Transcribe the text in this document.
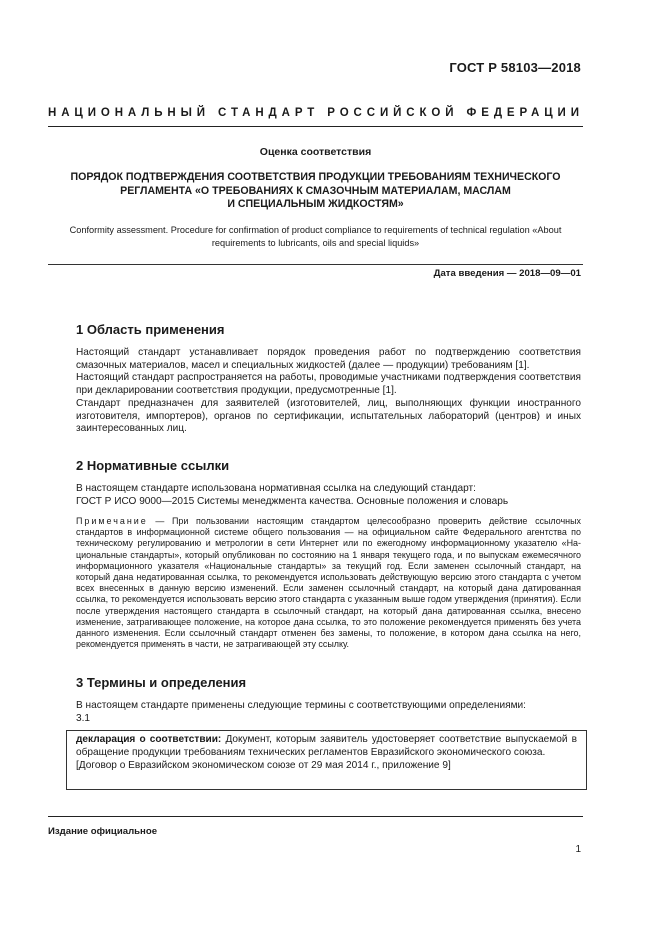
ГОСТ Р 58103—2018
НАЦИОНАЛЬНЫЙ СТАНДАРТ РОССИЙСКОЙ ФЕДЕРАЦИИ
Оценка соответствия
ПОРЯДОК ПОДТВЕРЖДЕНИЯ СООТВЕТСТВИЯ ПРОДУКЦИИ ТРЕБОВАНИЯМ ТЕХНИЧЕСКОГО
РЕГЛАМЕНТА «О ТРЕБОВАНИЯХ К СМАЗОЧНЫМ МАТЕРИАЛАМ, МАСЛАМ
И СПЕЦИАЛЬНЫМ ЖИДКОСТЯМ»
Conformity assessment. Procedure for confirmation of product compliance to requirements of technical regulation «About
requirements to lubricants, oils and special liquids»
Дата введения — 2018—09—01
1 Область применения

Настоящий стандарт устанавливает порядок проведения работ по подтверждению соответствия смазочных материалов, масел и специальных жидкостей (далее — продукции) требованиям [1].

Настоящий стандарт распространяется на работы, проводимые участниками подтверждения соответствия при декларировании соответствия продукции, предусмотренные [1].

Стандарт предназначен для заявителей (изготовителей, лиц, выполняющих функции иностранного изготовителя, импортеров), органов по сертификации, испытательных лабораторий (центров) и иных заинтересованных лиц.

2 Нормативные ссылки

В настоящем стандарте использована нормативная ссылка на следующий стандарт:

ГОСТ Р ИСО 9000—2015 Системы менеджмента качества. Основные положения и словарь

Примечание — При пользовании настоящим стандартом целесообразно проверить действие ссылочных стандартов в информационной системе общего пользования — на официальном сайте Федерального агентства по техническому регулированию и метрологии в сети Интернет или по ежегодному информационному указателю «Национальные стандарты», который опубликован по состоянию на 1 января текущего года, и по выпускам ежемесячного информационного указателя «Национальные стандарты» за текущий год. Если заменен ссылочный стандарт, на который дана недатированная ссылка, то рекомендуется использовать действующую версию этого стандарта с учетом всех внесенных в данную версию изменений. Если заменен ссылочный стандарт, на который дана датированная ссылка, то рекомендуется использовать версию этого стандарта с указанным выше годом утверждения (принятия). Если после утверждения настоящего стандарта в ссылочный стандарт, на который дана датированная ссылка, внесено изменение, затрагивающее положение, на которое дана ссылка, то это положение рекомендуется применять без учета данного изменения. Если ссылочный стандарт отменен без замены, то положение, в котором дана ссылка на него, рекомендуется применять в части, не затрагивающей эту ссылку.

3 Термины и определения

В настоящем стандарте применены следующие термины с соответствующими определениями:

3.1

декларация о соответствии: Документ, которым заявитель удостоверяет соответствие выпускаемой в обращение продукции требованиям технических регламентов Евразийского экономического союза.

[Договор о Евразийском экономическом союзе от 29 мая 2014 г., приложение 9]

Издание официальное
1
